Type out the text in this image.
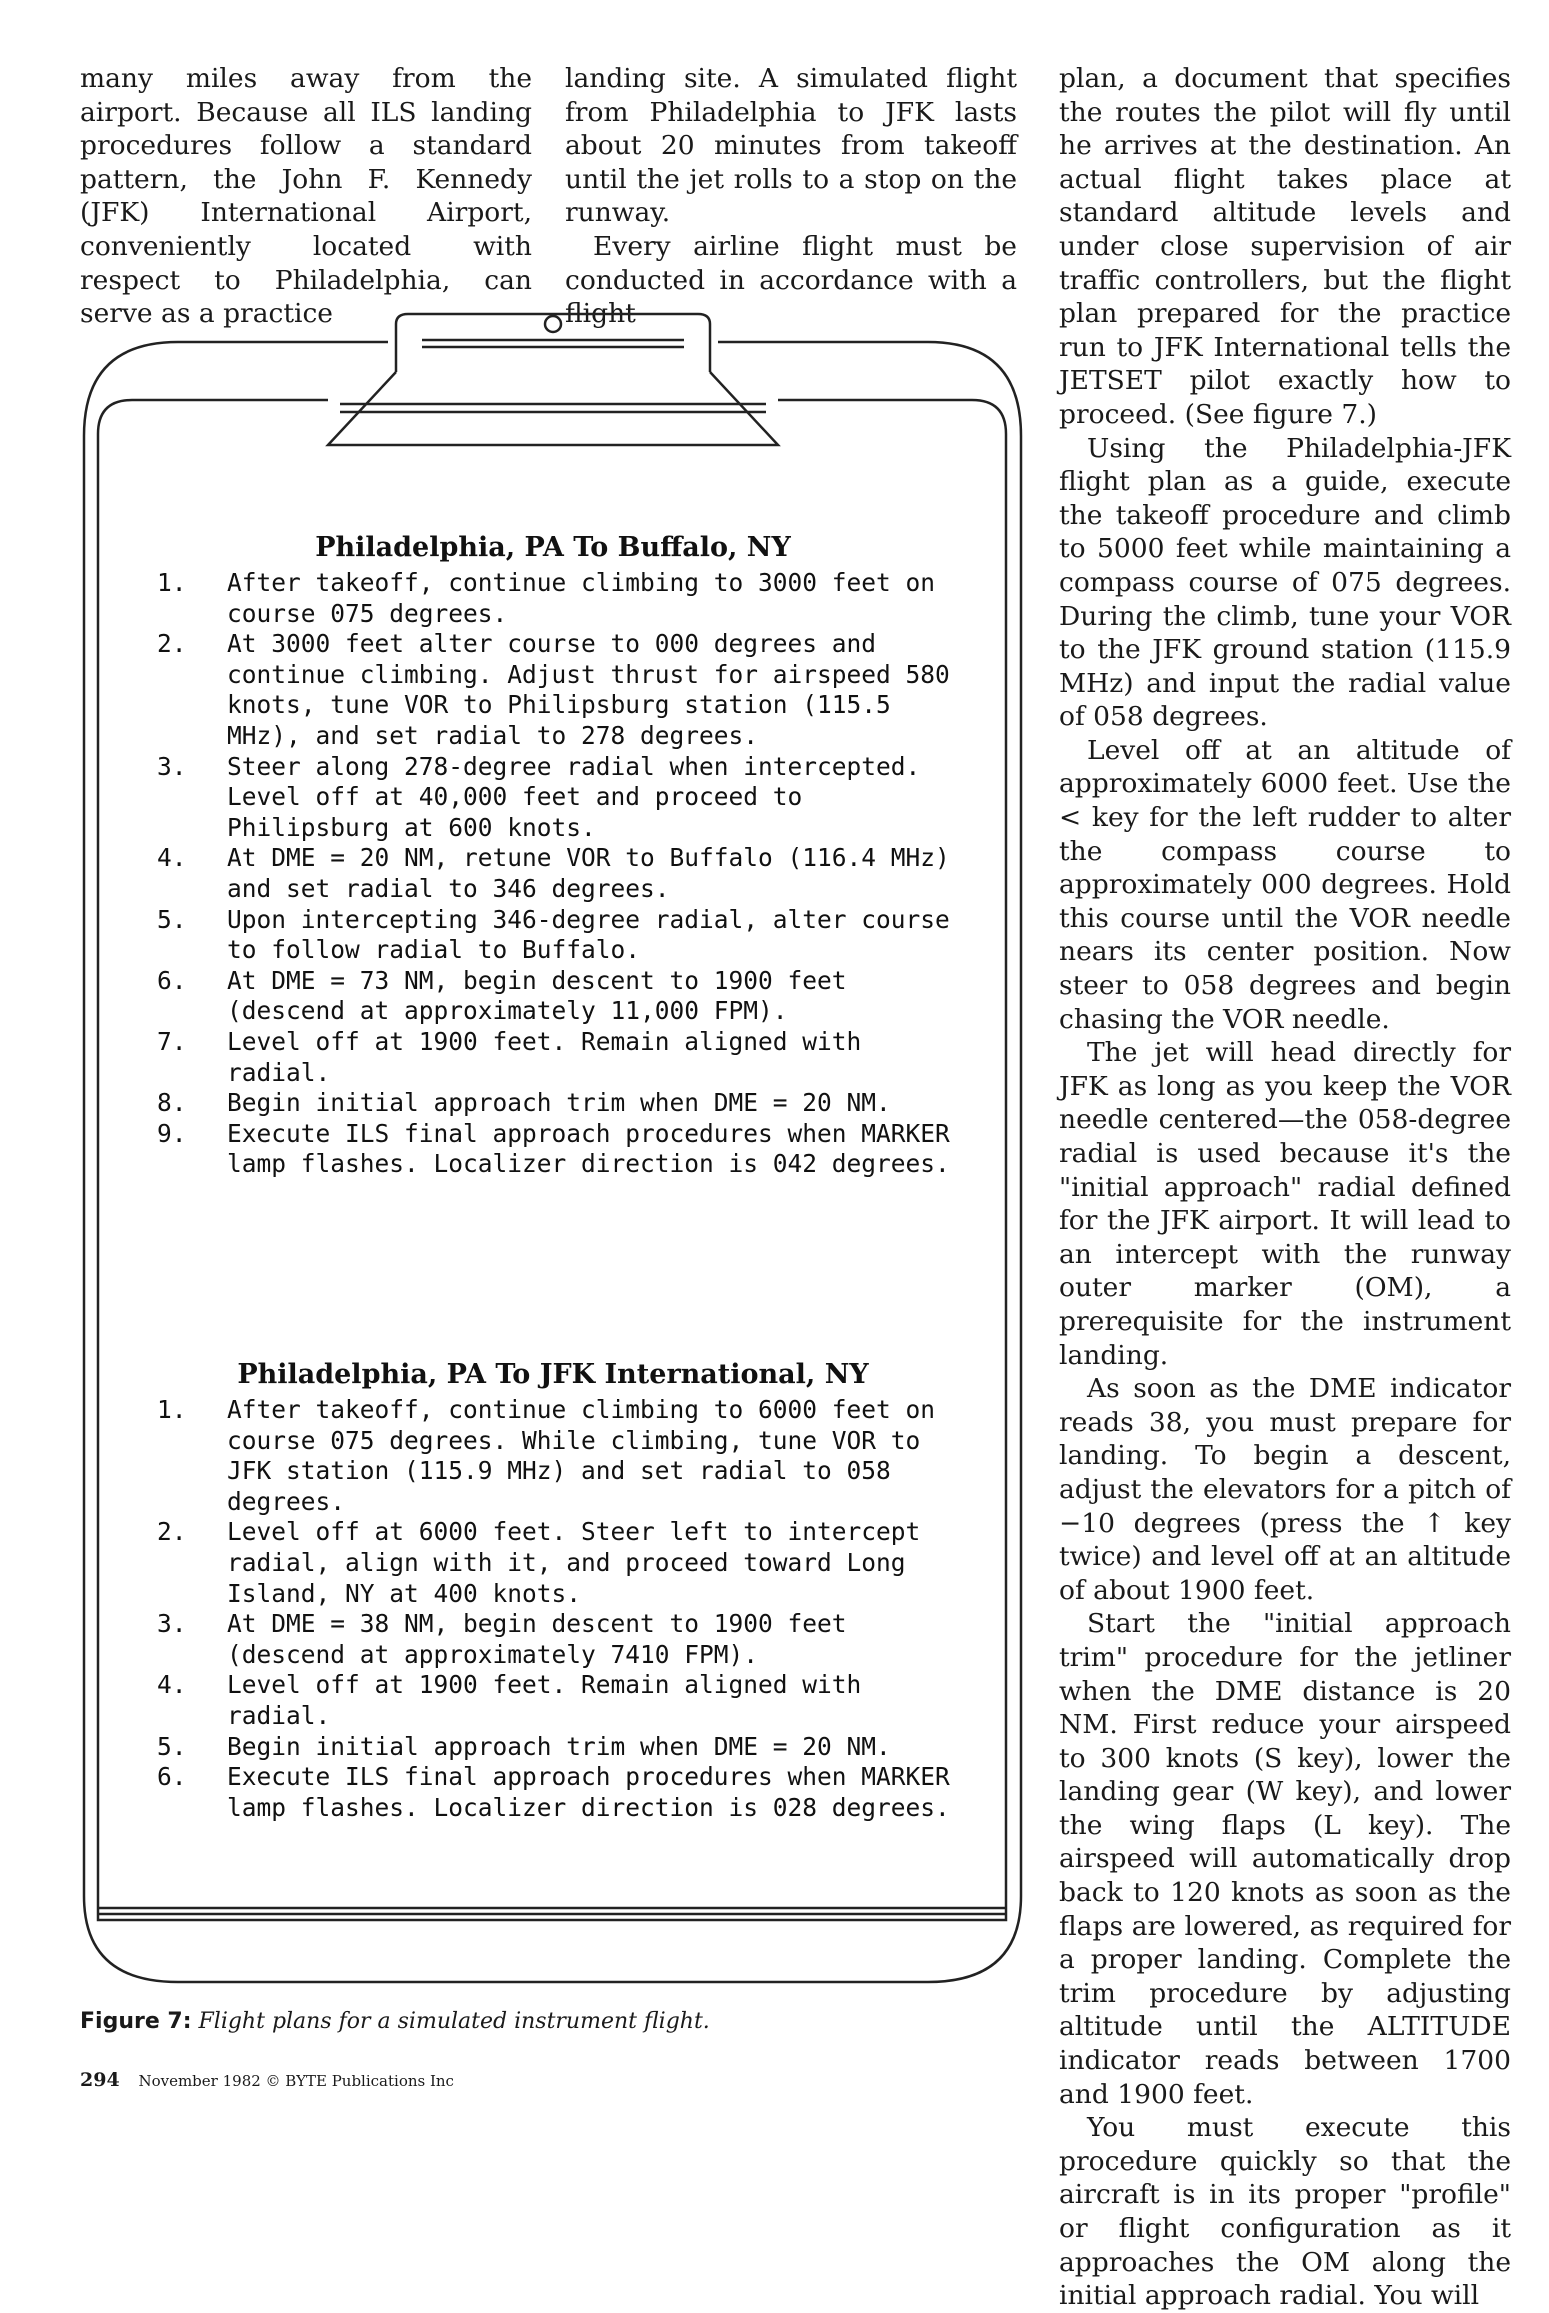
many miles away from the airport. Because all ILS landing procedures follow a standard pattern, the John F. Kennedy (JFK) International Airport, conveniently located with respect to Philadelphia, can serve as a practice

landing site. A simulated flight from Philadelphia to JFK lasts about 20 minutes from takeoff until the jet rolls to a stop on the runway.

Every airline flight must be conducted in accordance with a flight

plan, a document that specifies the routes the pilot will fly until he arrives at the destination. An actual flight takes place at standard altitude levels and under close supervision of air traffic controllers, but the flight plan prepared for the practice run to JFK International tells the JETSET pilot exactly how to proceed. (See figure 7.)

Using the Philadelphia-JFK flight plan as a guide, execute the takeoff procedure and climb to 5000 feet while maintaining a compass course of 075 degrees. During the climb, tune your VOR to the JFK ground station (115.9 MHz) and input the radial value of 058 degrees.

Level off at an altitude of approximately 6000 feet. Use the < key for the left rudder to alter the compass course to approximately 000 degrees. Hold this course until the VOR needle nears its center position. Now steer to 058 degrees and begin chasing the VOR needle.

The jet will head directly for JFK as long as you keep the VOR needle centered—the 058-degree radial is used because it's the "initial approach" radial defined for the JFK airport. It will lead to an intercept with the runway outer marker (OM), a prerequisite for the instrument landing.

As soon as the DME indicator reads 38, you must prepare for landing. To begin a descent, adjust the elevators for a pitch of −10 degrees (press the ↑ key twice) and level off at an altitude of about 1900 feet.

Start the "initial approach trim" procedure for the jetliner when the DME distance is 20 NM. First reduce your airspeed to 300 knots (S key), lower the landing gear (W key), and lower the wing flaps (L key). The airspeed will automatically drop back to 120 knots as soon as the flaps are lowered, as required for a proper landing. Complete the trim procedure by adjusting altitude until the ALTITUDE indicator reads between 1700 and 1900 feet.

You must execute this procedure quickly so that the aircraft is in its proper "profile" or flight configuration as it approaches the OM along the initial approach radial. You will

Philadelphia, PA To Buffalo, NY
1.	After takeoff, continue climbing to 3000 feet on course 075 degrees.
2.	At 3000 feet alter course to 000 degrees and continue climbing. Adjust thrust for airspeed 580 knots, tune VOR to Philipsburg station (115.5 MHz), and set radial to 278 degrees.
3.	Steer along 278-degree radial when intercepted. Level off at 40,000 feet and proceed to Philipsburg at 600 knots.
4.	At DME = 20 NM, retune VOR to Buffalo (116.4 MHz) and set radial to 346 degrees.
5.	Upon intercepting 346-degree radial, alter course to follow radial to Buffalo.
6.	At DME = 73 NM, begin descent to 1900 feet (descend at approximately 11,000 FPM).
7.	Level off at 1900 feet. Remain aligned with radial.
8.	Begin initial approach trim when DME = 20 NM.
9.	Execute ILS final approach procedures when MARKER lamp flashes. Localizer direction is 042 degrees.
Philadelphia, PA To JFK International, NY
1.	After takeoff, continue climbing to 6000 feet on course 075 degrees. While climbing, tune VOR to JFK station (115.9 MHz) and set radial to 058 degrees.
2.	Level off at 6000 feet. Steer left to intercept radial, align with it, and proceed toward Long Island, NY at 400 knots.
3.	At DME = 38 NM, begin descent to 1900 feet (descend at approximately 7410 FPM).
4.	Level off at 1900 feet. Remain aligned with radial.
5.	Begin initial approach trim when DME = 20 NM.
6.	Execute ILS final approach procedures when MARKER lamp flashes. Localizer direction is 028 degrees.
Figure 7: Flight plans for a simulated instrument flight.
294 November 1982 © BYTE Publications Inc
